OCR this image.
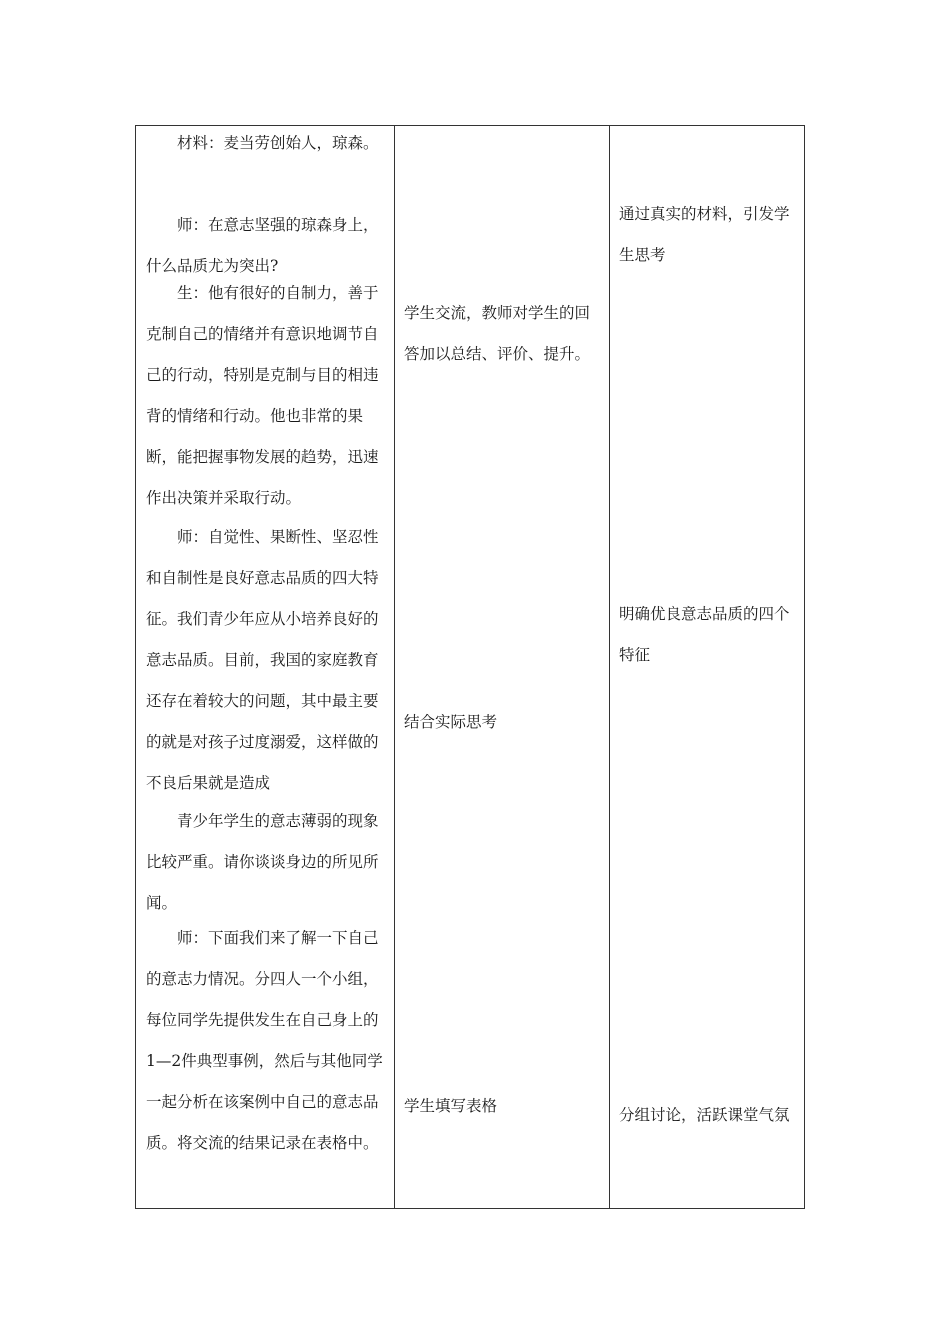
材料：麦当劳创始人，琼森。

师：在意志坚强的琼森身上，什么品质尤为突出?

生：他有很好的自制力，善于克制自己的情绪并有意识地调节自己的行动，特别是克制与目的相违背的情绪和行动。他也非常的果断，能把握事物发展的趋势，迅速作出决策并采取行动。

师：自觉性、果断性、坚忍性和自制性是良好意志品质的四大特征。我们青少年应从小培养良好的意志品质。目前，我国的家庭教育还存在着较大的问题，其中最主要的就是对孩子过度溺爱，这样做的不良后果就是造成

青少年学生的意志薄弱的现象比较严重。请你谈谈身边的所见所闻。

师：下面我们来了解一下自己的意志力情况。分四人一个小组，每位同学先提供发生在自己身上的1—2件典型事例，然后与其他同学一起分析在该案例中自己的意志品质。将交流的结果记录在表格中。

学生交流，教师对学生的回答加以总结、评价、提升。

结合实际思考

学生填写表格

通过真实的材料，引发学生思考

明确优良意志品质的四个特征

分组讨论，活跃课堂气氛
